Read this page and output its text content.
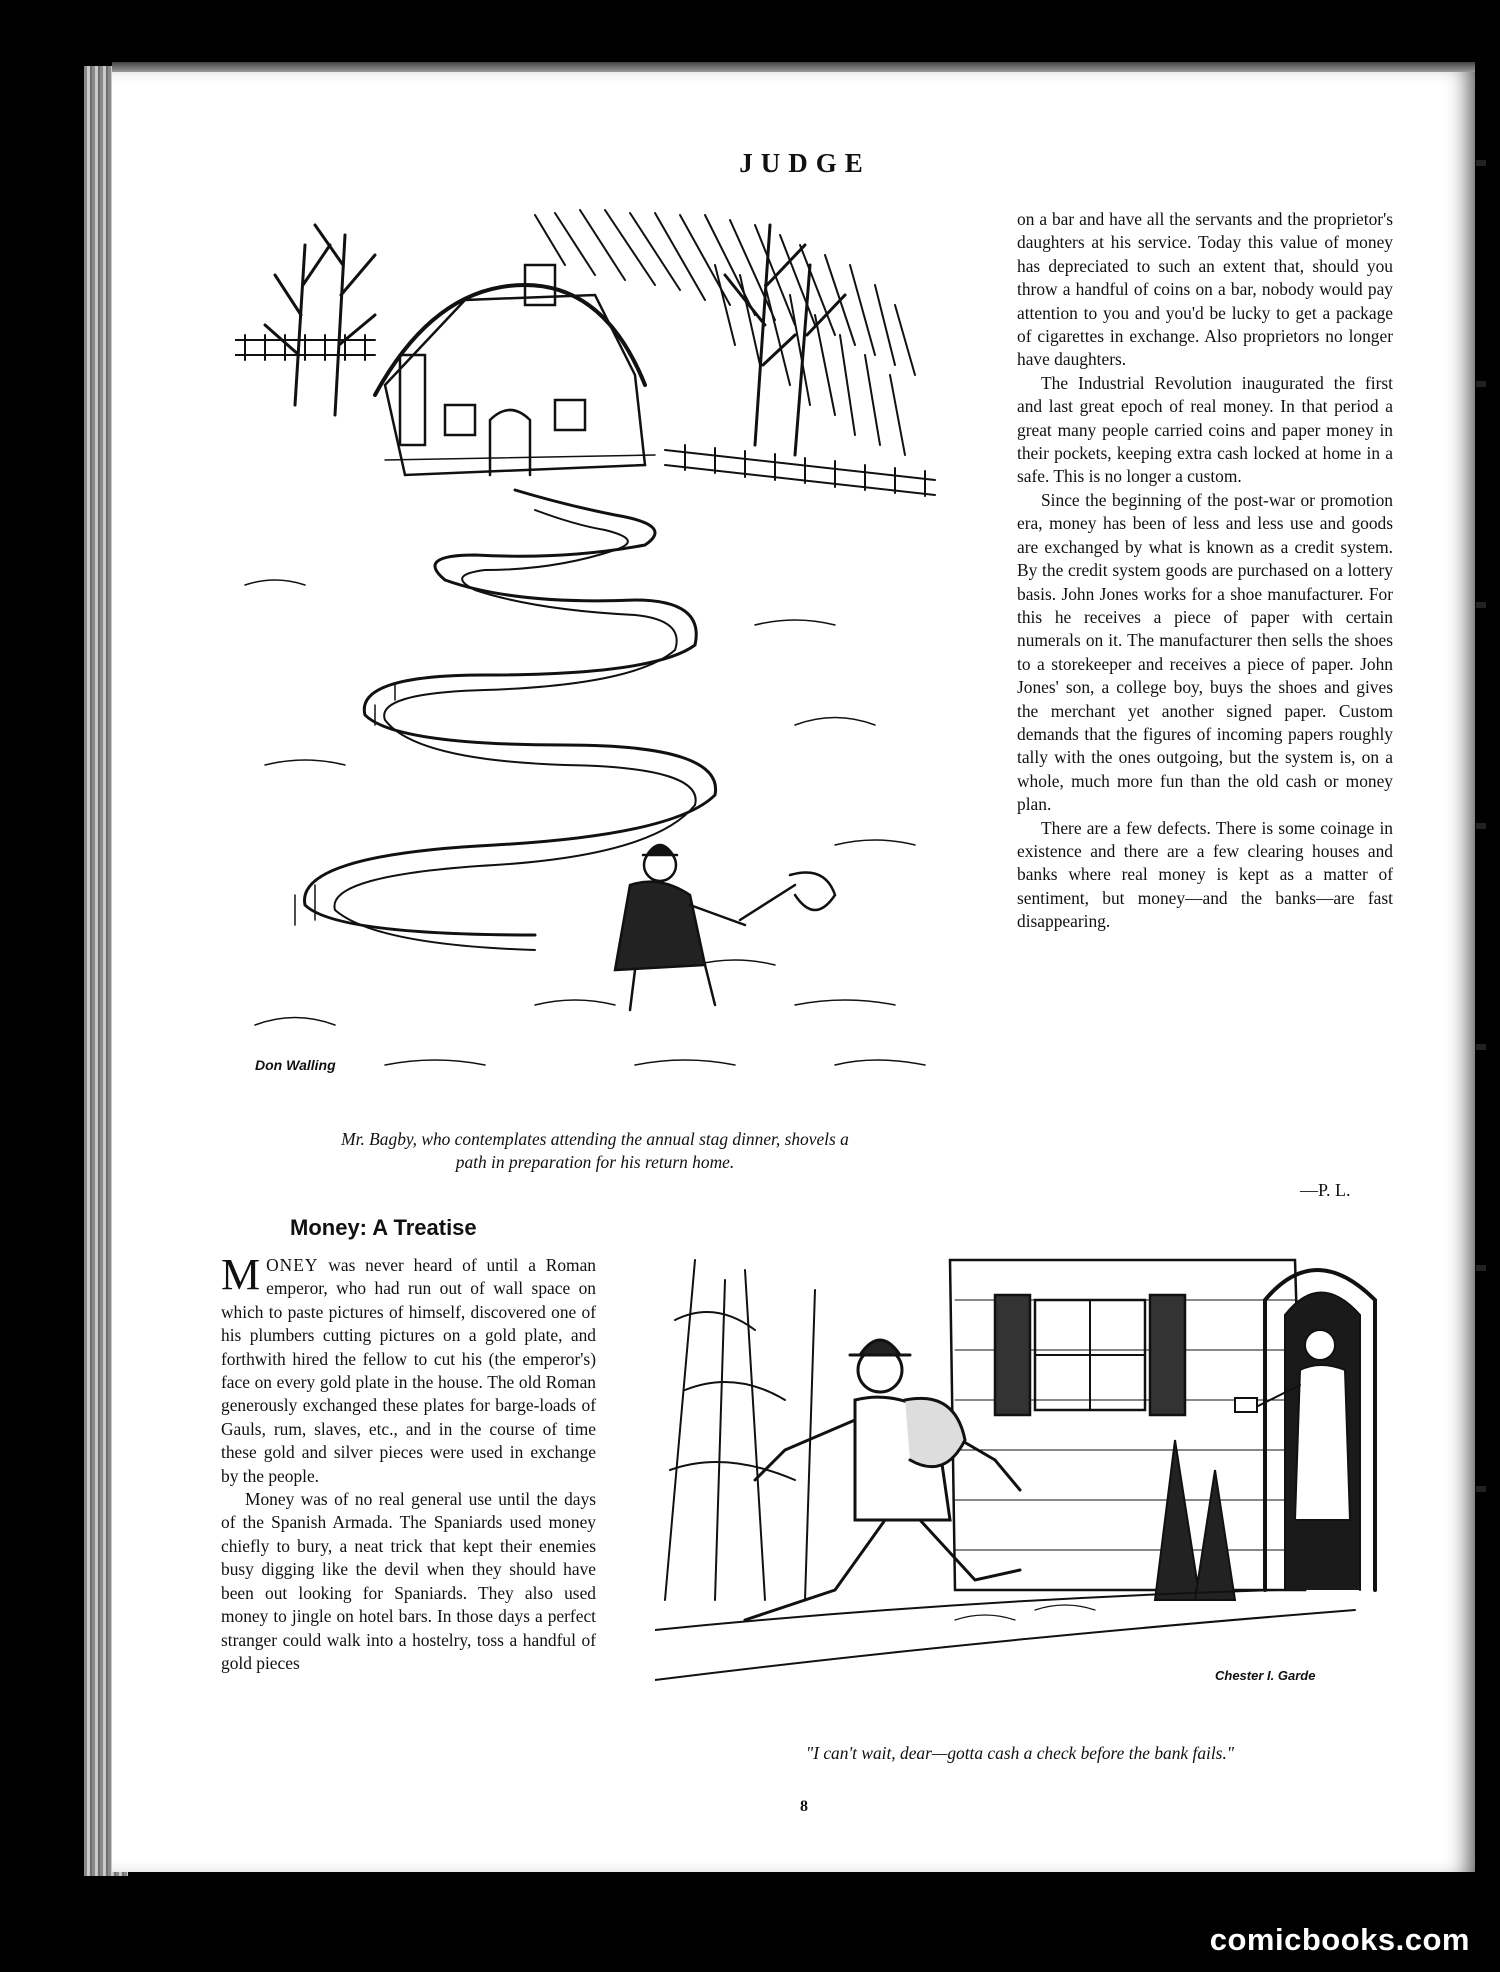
JUDGE
Don Walling
Mr. Bagby, who contemplates attending the annual stag dinner, shovels a path in preparation for his return home.

on a bar and have all the servants and the proprietor's daughters at his service. Today this value of money has depreciated to such an extent that, should you throw a handful of coins on a bar, nobody would pay attention to you and you'd be lucky to get a package of cigarettes in exchange. Also proprietors no longer have daughters.

The Industrial Revolution inaugurated the first and last great epoch of real money. In that period a great many people carried coins and paper money in their pockets, keeping extra cash locked at home in a safe. This is no longer a custom.

Since the beginning of the post-war or promotion era, money has been of less and less use and goods are exchanged by what is known as a credit system. By the credit system goods are purchased on a lottery basis. John Jones works for a shoe manufacturer. For this he receives a piece of paper with certain numerals on it. The manufacturer then sells the shoes to a storekeeper and receives a piece of paper. John Jones' son, a college boy, buys the shoes and gives the merchant yet another signed paper. Custom demands that the figures of incoming papers roughly tally with the ones outgoing, but the system is, on a whole, much more fun than the old cash or money plan.

There are a few defects. There is some coinage in existence and there are a few clearing houses and banks where real money is kept as a matter of sentiment, but money—and the banks—are fast disappearing.

—P. L.
Money: A Treatise

MONEY was never heard of until a Roman emperor, who had run out of wall space on which to paste pictures of himself, discovered one of his plumbers cutting pictures on a gold plate, and forthwith hired the fellow to cut his (the emperor's) face on every gold plate in the house. The old Roman generously exchanged these plates for barge-loads of Gauls, rum, slaves, etc., and in the course of time these gold and silver pieces were used in exchange by the people.

Money was of no real general use until the days of the Spanish Armada. The Spaniards used money chiefly to bury, a neat trick that kept their enemies busy digging like the devil when they should have been out looking for Spaniards. They also used money to jingle on hotel bars. In those days a perfect stranger could walk into a hostelry, toss a handful of gold pieces

Chester I. Garde
"I can't wait, dear—gotta cash a check before the bank fails."
8
comicbooks.com
